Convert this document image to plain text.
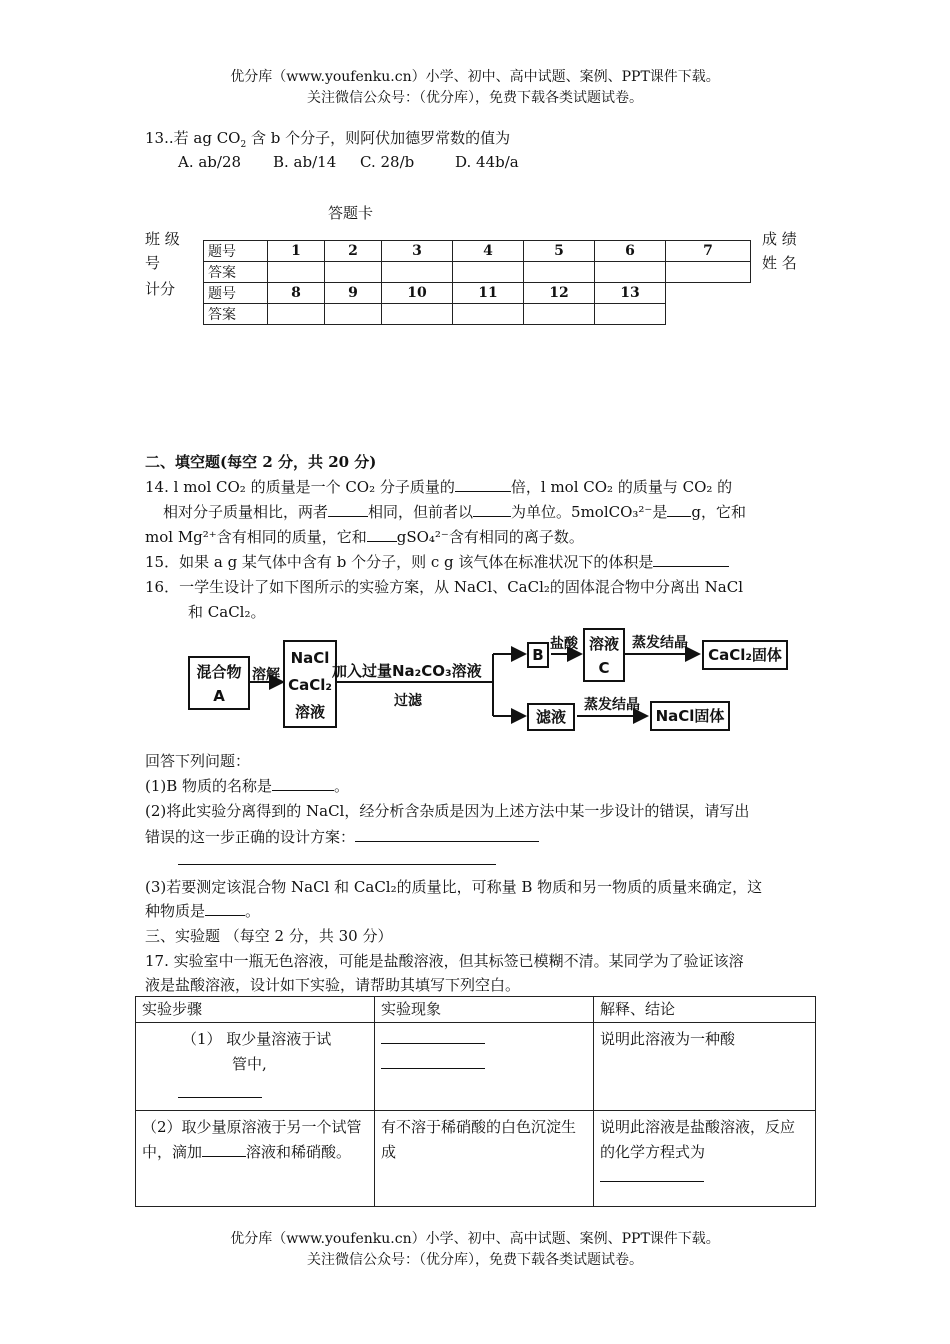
优分库（www.youfenku.cn）小学、初中、高中试题、案例、PPT课件下载。
关注微信公众号：（优分库），免费下载各类试题试卷。
13..若 ag $CO_2$ 含 b 个分子，则阿伏加德罗常数的值为
A. ab/28 B. ab/14 C. 28/b	D. 44b/a
答题卡
班 级
号
计分
成 绩
姓 名
题号	1	2	3	4	5	6	7
答案							
题号	8	9	10	11	12	13	
答案							
二、填空题(每空 2 分，共 20 分)
14. l mol CO₂ 的质量是一个 CO₂ 分子质量的	倍，l mol CO₂ 的质量与 CO₂ 的
相对分子质量相比，两者	相同，但前者以	为单位。5molCO₃²⁻是 g，它和
mol Mg²⁺含有相同的质量，它和 gSO₄²⁻含有相同的离子数。
15．如果 a g 某气体中含有 b 个分子，则 c g 该气体在标准状况下的体积是
16．一学生设计了如下图所示的实验方案，从 NaCl、CaCl₂的固体混合物中分离出 NaCl
和 CaCl₂。
混合物
A
溶解
NaCl
CaCl₂
溶液
加入过量Na₂CO₃溶液
过滤
B
盐酸 溶液
C
蒸发结晶
CaCl₂固体
滤液
蒸发结晶
NaCl固体
回答下列问题：
(1)B 物质的名称是	。
(2)将此实验分离得到的 NaCl，经分析含杂质是因为上述方法中某一步设计的错误，请写出
错误的这一步正确的设计方案：
(3)若要测定该混合物 NaCl 和 CaCl₂的质量比，可称量 B 物质和另一物质的质量来确定，这
种物质是	。
三、实验题 （每空 2 分，共 30 分）
17. 实验室中一瓶无色溶液，可能是盐酸溶液，但其标签已模糊不清。某同学为了验证该溶
液是盐酸溶液，设计如下实验，请帮助其填写下列空白。
实验步骤	实验现象	解释、结论

（1） 取少量溶液于试
管中,		说明此溶液为一种酸
（2）取少量原溶液于另一个试管中，滴加 溶液和稀硝酸。	有不溶于稀硝酸的白色沉淀生成	说明此溶液是盐酸溶液，反应的化学方程式为

优分库（www.youfenku.cn）小学、初中、高中试题、案例、PPT课件下载。
关注微信公众号：（优分库），免费下载各类试题试卷。
